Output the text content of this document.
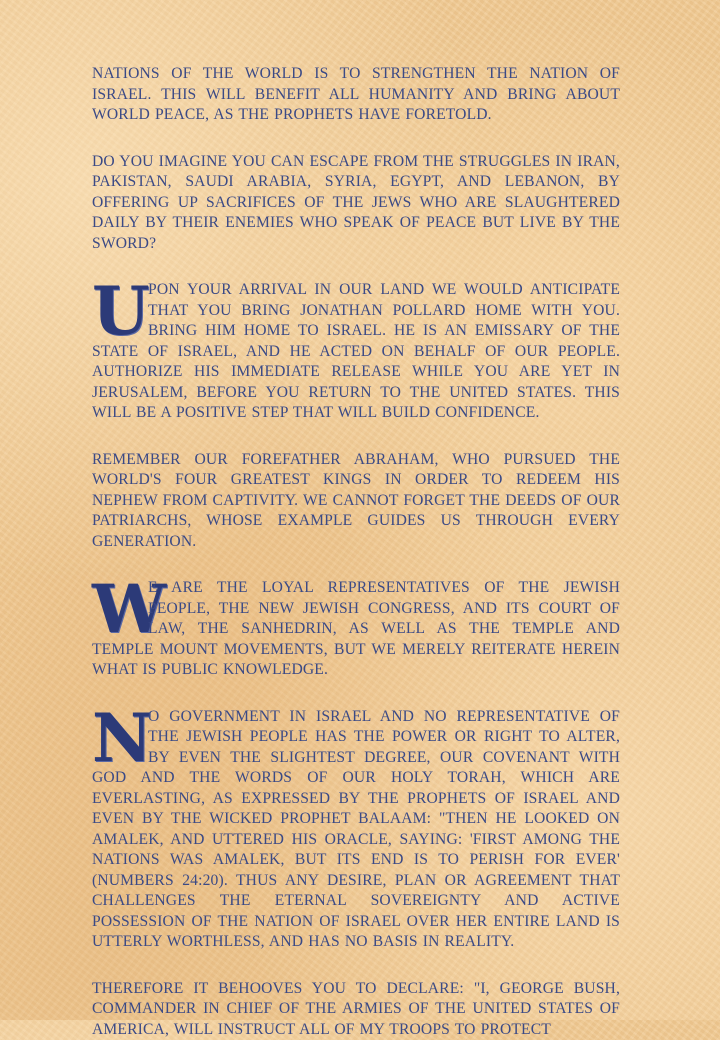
NATIONS OF THE WORLD IS TO STRENGTHEN THE NATION OF ISRAEL. THIS WILL BENEFIT ALL HUMANITY AND BRING ABOUT WORLD PEACE, AS THE PROPHETS HAVE FORETOLD.

DO YOU IMAGINE YOU CAN ESCAPE FROM THE STRUGGLES IN IRAN, PAKISTAN, SAUDI ARABIA, SYRIA, EGYPT, AND LEBANON, BY OFFERING UP SACRIFICES OF THE JEWS WHO ARE SLAUGHTERED DAILY BY THEIR ENEMIES WHO SPEAK OF PEACE BUT LIVE BY THE SWORD?

U
PON YOUR ARRIVAL IN OUR LAND WE WOULD ANTICIPATE THAT YOU BRING JONATHAN POLLARD HOME WITH YOU. BRING HIM HOME TO ISRAEL. HE IS AN EMISSARY OF THE STATE OF ISRAEL, AND HE ACTED ON BEHALF OF OUR PEOPLE. AUTHORIZE HIS IMMEDIATE RELEASE WHILE YOU ARE YET IN JERUSALEM, BEFORE YOU RETURN TO THE UNITED STATES. THIS WILL BE A POSITIVE STEP THAT WILL BUILD CONFIDENCE.

REMEMBER OUR FOREFATHER ABRAHAM, WHO PURSUED THE WORLD'S FOUR GREATEST KINGS IN ORDER TO REDEEM HIS NEPHEW FROM CAPTIVITY. WE CANNOT FORGET THE DEEDS OF OUR PATRIARCHS, WHOSE EXAMPLE GUIDES US THROUGH EVERY GENERATION.

W
E ARE THE LOYAL REPRESENTATIVES OF THE JEWISH PEOPLE, THE NEW JEWISH CONGRESS, AND ITS COURT OF LAW, THE SANHEDRIN, AS WELL AS THE TEMPLE AND TEMPLE MOUNT MOVEMENTS, BUT WE MERELY REITERATE HEREIN WHAT IS PUBLIC KNOWLEDGE.

N
O GOVERNMENT IN ISRAEL AND NO REPRESENTATIVE OF THE JEWISH PEOPLE HAS THE POWER OR RIGHT TO ALTER, BY EVEN THE SLIGHTEST DEGREE, OUR COVENANT WITH GOD AND THE WORDS OF OUR HOLY TORAH, WHICH ARE EVERLASTING, AS EXPRESSED BY THE PROPHETS OF ISRAEL AND EVEN BY THE WICKED PROPHET BALAAM: "THEN HE LOOKED ON AMALEK, AND UTTERED HIS ORACLE, SAYING: 'FIRST AMONG THE NATIONS WAS AMALEK, BUT ITS END IS TO PERISH FOR EVER' (NUMBERS 24:20). THUS ANY DESIRE, PLAN OR AGREEMENT THAT CHALLENGES THE ETERNAL SOVEREIGNTY AND ACTIVE POSSESSION OF THE NATION OF ISRAEL OVER HER ENTIRE LAND IS UTTERLY WORTHLESS, AND HAS NO BASIS IN REALITY.

THEREFORE IT BEHOOVES YOU TO DECLARE: "I, GEORGE BUSH, COMMANDER IN CHIEF OF THE ARMIES OF THE UNITED STATES OF AMERICA, WILL INSTRUCT ALL OF MY TROOPS TO PROTECT
